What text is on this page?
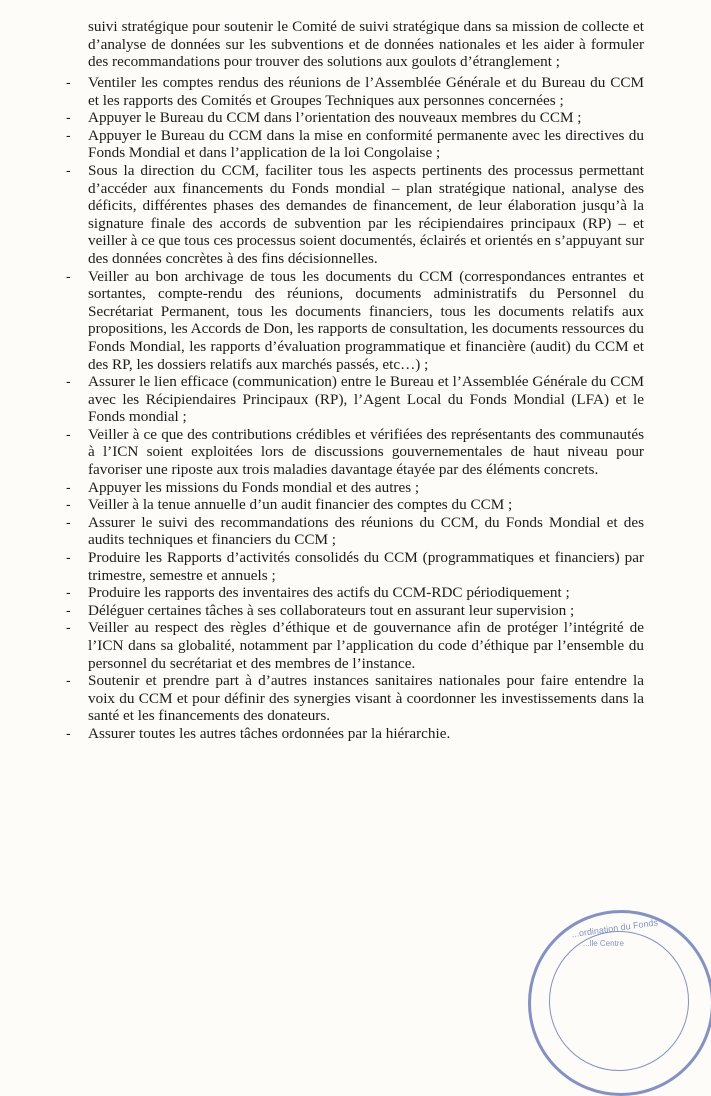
suivi stratégique pour soutenir le Comité de suivi stratégique dans sa mission de collecte et d’analyse de données sur les subventions et de données nationales et les aider à formuler des recommandations pour trouver des solutions aux goulots d’étranglement ;

-	Ventiler les comptes rendus des réunions de l’Assemblée Générale et du Bureau du CCM et les rapports des Comités et Groupes Techniques aux personnes concernées ;
-	Appuyer le Bureau du CCM dans l’orientation des nouveaux membres du CCM ;
-	Appuyer le Bureau du CCM dans la mise en conformité permanente avec les directives du Fonds Mondial et dans l’application de la loi Congolaise ;
-	Sous la direction du CCM, faciliter tous les aspects pertinents des processus permettant d’accéder aux financements du Fonds mondial – plan stratégique national, analyse des déficits, différentes phases des demandes de financement, de leur élaboration jusqu’à la signature finale des accords de subvention par les récipiendaires principaux (RP) – et veiller à ce que tous ces processus soient documentés, éclairés et orientés en s’appuyant sur des données concrètes à des fins décisionnelles.
-	Veiller au bon archivage de tous les documents du CCM (correspondances entrantes et sortantes, compte-rendu des réunions, documents administratifs du Personnel du Secrétariat Permanent, tous les documents financiers, tous les documents relatifs aux propositions, les Accords de Don, les rapports de consultation, les documents ressources du Fonds Mondial, les rapports d’évaluation programmatique et financière (audit) du CCM et des RP, les dossiers relatifs aux marchés passés, etc…) ;
-	Assurer le lien efficace (communication) entre le Bureau et l’Assemblée Générale du CCM avec les Récipiendaires Principaux (RP), l’Agent Local du Fonds Mondial (LFA) et le Fonds mondial ;
-	Veiller à ce que des contributions crédibles et vérifiées des représentants des communautés à l’ICN soient exploitées lors de discussions gouvernementales de haut niveau pour favoriser une riposte aux trois maladies davantage étayée par des éléments concrets.
-	Appuyer les missions du Fonds mondial et des autres ;
-	Veiller à la tenue annuelle d’un audit financier des comptes du CCM ;
-	Assurer le suivi des recommandations des réunions du CCM, du Fonds Mondial et des audits techniques et financiers du CCM ;
-	Produire les Rapports d’activités consolidés du CCM (programmatiques et financiers) par trimestre, semestre et annuels ;
-	Produire les rapports des inventaires des actifs du CCM-RDC périodiquement ;
-	Déléguer certaines tâches à ses collaborateurs tout en assurant leur supervision ;
-	Veiller au respect des règles d’éthique et de gouvernance afin de protéger l’intégrité de l’ICN dans sa globalité, notamment par l’application du code d’éthique par l’ensemble du personnel du secrétariat et des membres de l’instance.
-	Soutenir et prendre part à d’autres instances sanitaires nationales pour faire entendre la voix du CCM et pour définir des synergies visant à coordonner les investissements dans la santé et les financements des donateurs.
-	Assurer toutes les autres tâches ordonnées par la hiérarchie.
...ordination du Fonds
...lle Centre
